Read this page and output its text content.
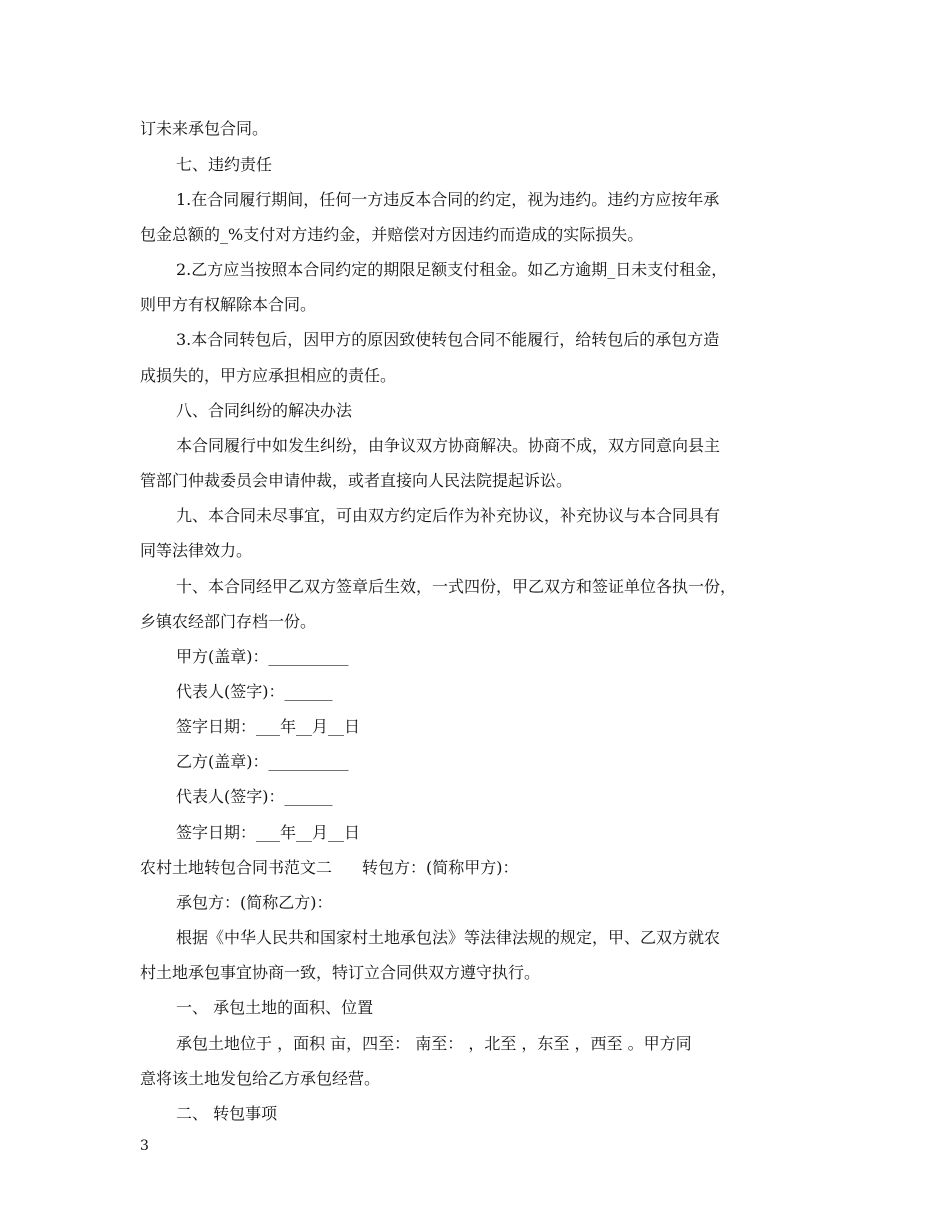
订未来承包合同。
七、违约责任
1.在合同履行期间，任何一方违反本合同的约定，视为违约。违约方应按年承
包金总额的_%支付对方违约金，并赔偿对方因违约而造成的实际损失。
2.乙方应当按照本合同约定的期限足额支付租金。如乙方逾期_日未支付租金，
则甲方有权解除本合同。
3.本合同转包后，因甲方的原因致使转包合同不能履行，给转包后的承包方造
成损失的，甲方应承担相应的责任。
八、合同纠纷的解决办法
本合同履行中如发生纠纷，由争议双方协商解决。协商不成，双方同意向县主
管部门仲裁委员会申请仲裁，或者直接向人民法院提起诉讼。
九、本合同未尽事宜，可由双方约定后作为补充协议，补充协议与本合同具有
同等法律效力。
十、本合同经甲乙双方签章后生效，一式四份，甲乙双方和签证单位各执一份，
乡镇农经部门存档一份。
甲方(盖章)：__________
代表人(签字)：______
签字日期：___年__月__日
乙方(盖章)：__________
代表人(签字)：______
签字日期：___年__月__日
农村土地转包合同书范文二 转包方：(简称甲方)：
承包方：(简称乙方)：
根据《中华人民共和国家村土地承包法》等法律法规的规定，甲、乙双方就农
村土地承包事宜协商一致，特订立合同供双方遵守执行。
一、 承包土地的面积、位置
承包土地位于 ，面积 亩，四至： 南至： ，北至 ，东至 ，西至 。甲方同
意将该土地发包给乙方承包经营。
二、 转包事项
3
